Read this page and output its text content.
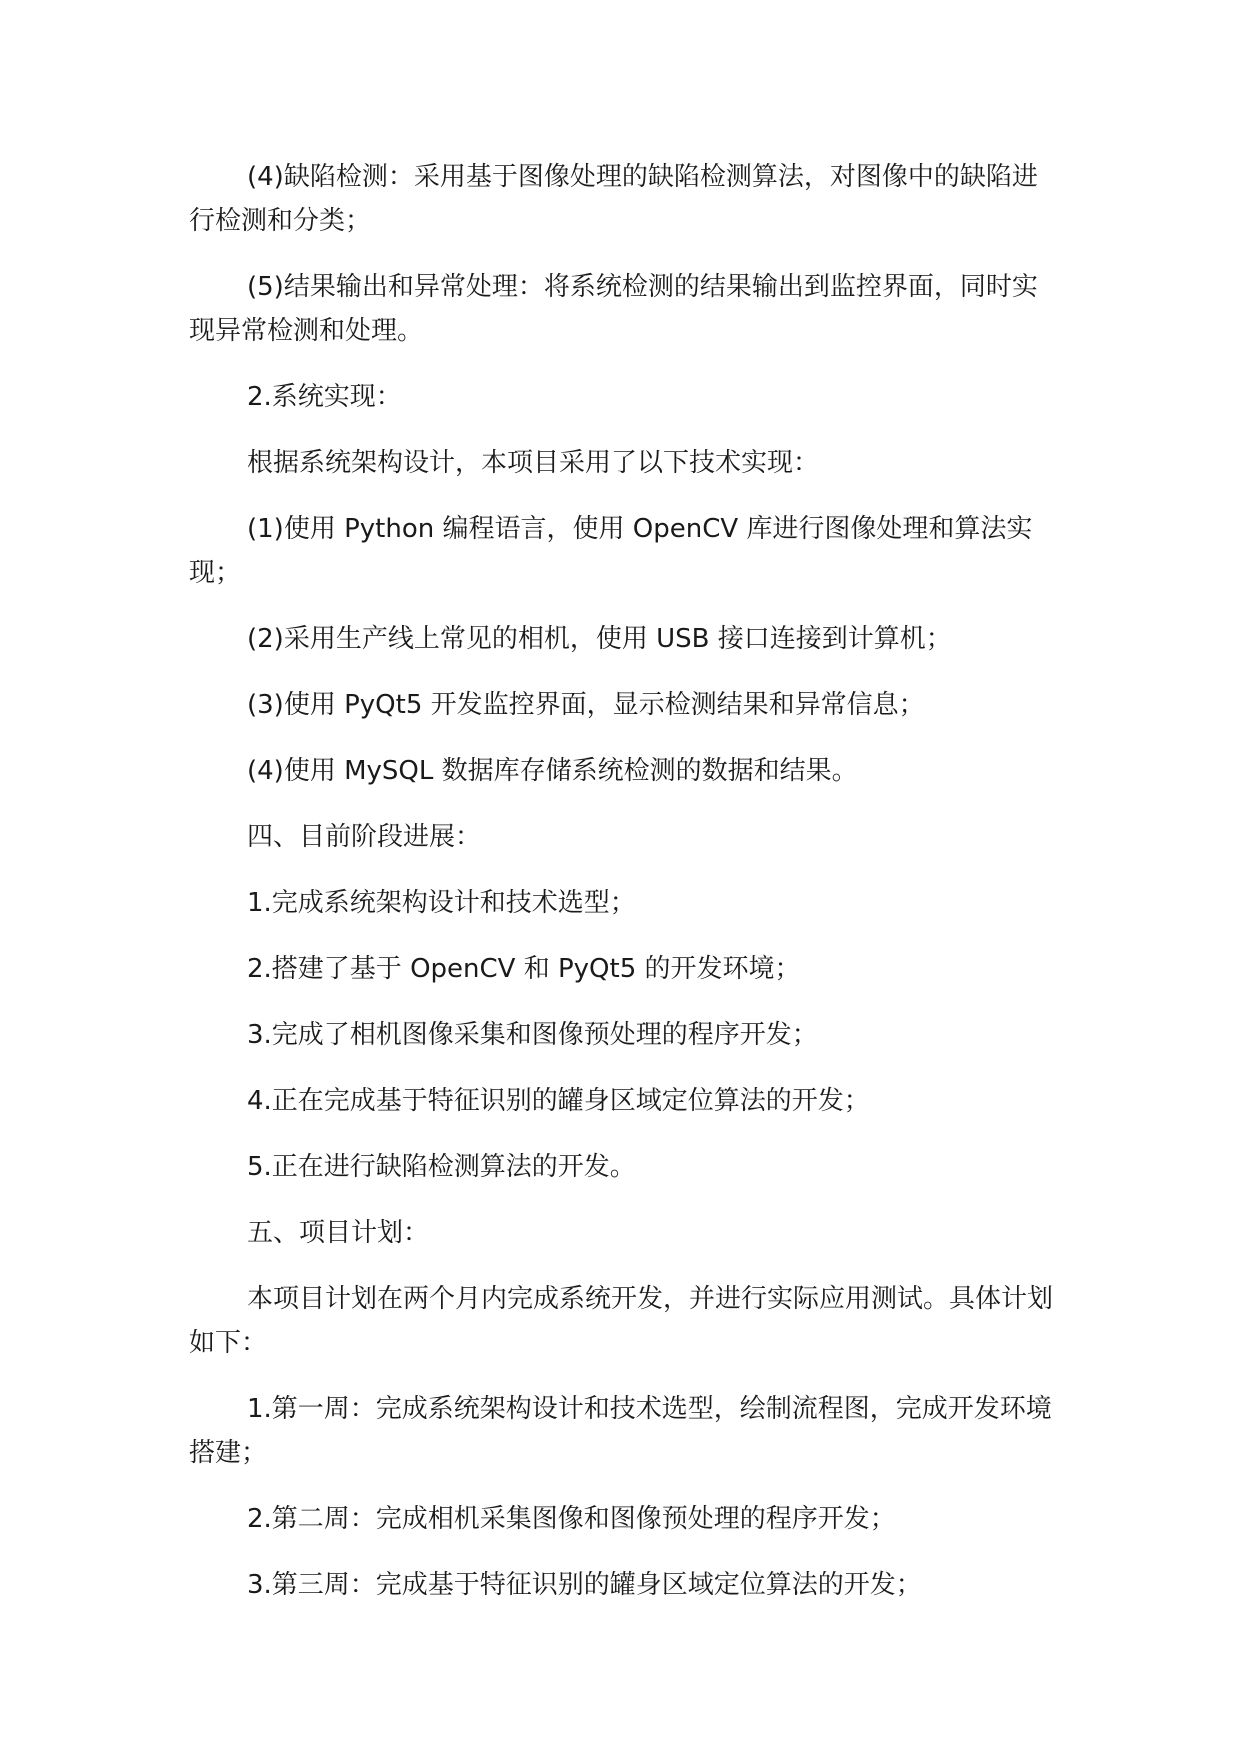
(4)缺陷检测：采用基于图像处理的缺陷检测算法，对图像中的缺陷进行检测和分类；

(5)结果输出和异常处理：将系统检测的结果输出到监控界面，同时实现异常检测和处理。

2.系统实现：

根据系统架构设计，本项目采用了以下技术实现：

(1)使用 Python 编程语言，使用 OpenCV 库进行图像处理和算法实现；

(2)采用生产线上常见的相机，使用 USB 接口连接到计算机；

(3)使用 PyQt5 开发监控界面，显示检测结果和异常信息；

(4)使用 MySQL 数据库存储系统检测的数据和结果。

四、目前阶段进展：

1.完成系统架构设计和技术选型；

2.搭建了基于 OpenCV 和 PyQt5 的开发环境；

3.完成了相机图像采集和图像预处理的程序开发；

4.正在完成基于特征识别的罐身区域定位算法的开发；

5.正在进行缺陷检测算法的开发。

五、项目计划：

本项目计划在两个月内完成系统开发，并进行实际应用测试。具体计划如下：

1.第一周：完成系统架构设计和技术选型，绘制流程图，完成开发环境搭建；

2.第二周：完成相机采集图像和图像预处理的程序开发；

3.第三周：完成基于特征识别的罐身区域定位算法的开发；
